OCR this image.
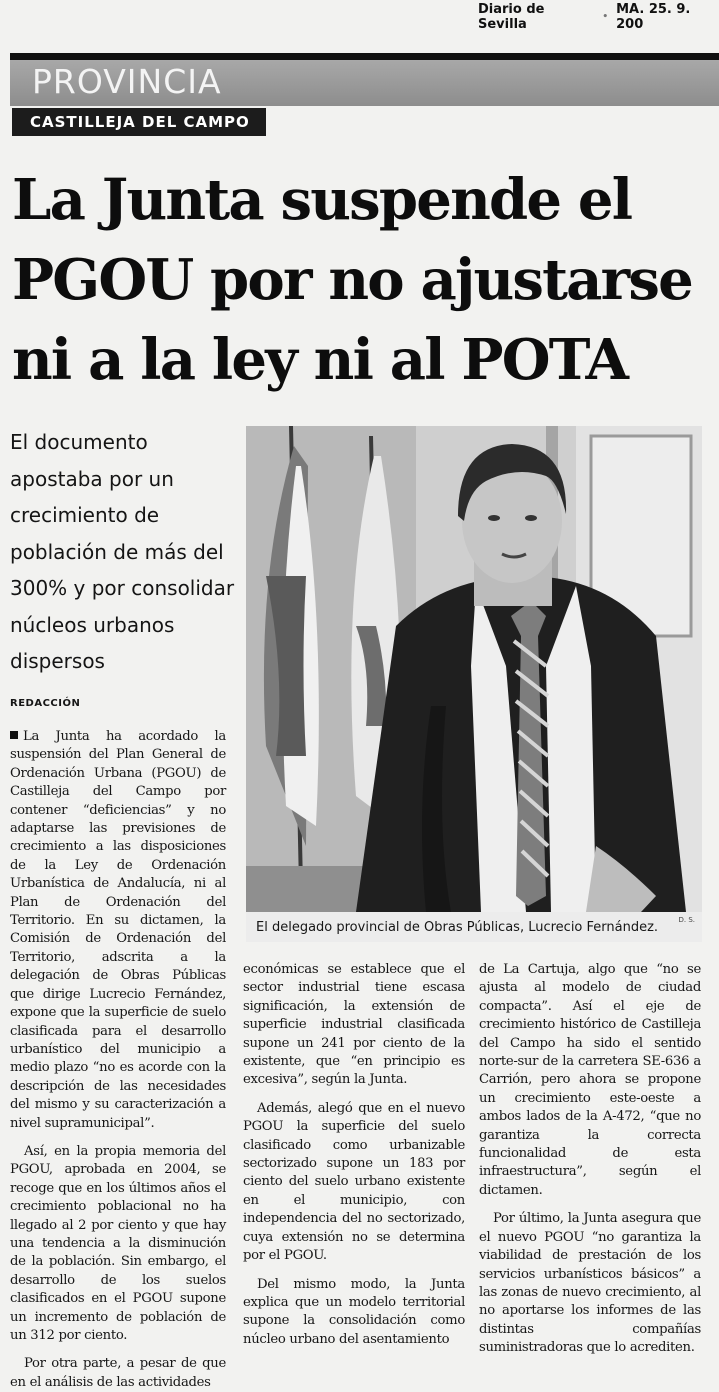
Diario de Sevilla	• MA. 25. 9. 200
PROVINCIA
CASTILLEJA DEL CAMPO
La Junta suspende el PGOU por no ajustarse ni a la ley ni al POTA

El documento apostaba por un crecimiento de población de más del 300% y por consolidar núcleos urbanos dispersos

REDACCIÓN

La Junta ha acordado la suspensión del Plan General de Ordenación Urbana (PGOU) de Castilleja del Campo por contener “deficiencias” y no adaptarse las previsiones de crecimiento a las disposiciones de la Ley de Ordenación Urbanística de Andalucía, ni al Plan de Ordenación del Territorio. En su dictamen, la Comisión de Ordenación del Territorio, adscrita a la delegación de Obras Públicas que dirige Lucrecio Fernández, expone que la superficie de suelo clasificada para el desarrollo urbanístico del municipio a medio plazo “no es acorde con la descripción de las necesidades del mismo y su caracterización a nivel supramunicipal”.

Así, en la propia memoria del PGOU, aprobada en 2004, se recoge que en los últimos años el crecimiento poblacional no ha llegado al 2 por ciento y que hay una tendencia a la disminución de la población. Sin embargo, el desarrollo de los suelos clasificados en el PGOU supone un incremento de población de un 312 por ciento.

Por otra parte, a pesar de que en el análisis de las actividades

El delegado provincial de Obras Públicas, Lucrecio Fernández.	D. S.

económicas se establece que el sector industrial tiene escasa significación, la extensión de superficie industrial clasificada supone un 241 por ciento de la existente, que “en principio es excesiva”, según la Junta.

Además, alegó que en el nuevo PGOU la superficie del suelo clasificado como urbanizable sectorizado supone un 183 por ciento del suelo urbano existente en el municipio, con independencia del no sectorizado, cuya extensión no se determina por el PGOU.

Del mismo modo, la Junta explica que un modelo territorial supone la consolidación como núcleo urbano del asentamiento

de La Cartuja, algo que “no se ajusta al modelo de ciudad compacta”. Así el eje de crecimiento histórico de Castilleja del Campo ha sido el sentido norte-sur de la carretera SE-636 a Carrión, pero ahora se propone un crecimiento este-oeste a ambos lados de la A-472, “que no garantiza la correcta funcionalidad de esta infraestructura”, según el dictamen.

Por último, la Junta asegura que el nuevo PGOU “no garantiza la viabilidad de prestación de los servicios urbanísticos básicos” a las zonas de nuevo crecimiento, al no aportarse los informes de las distintas compañías suministradoras que lo acrediten.
